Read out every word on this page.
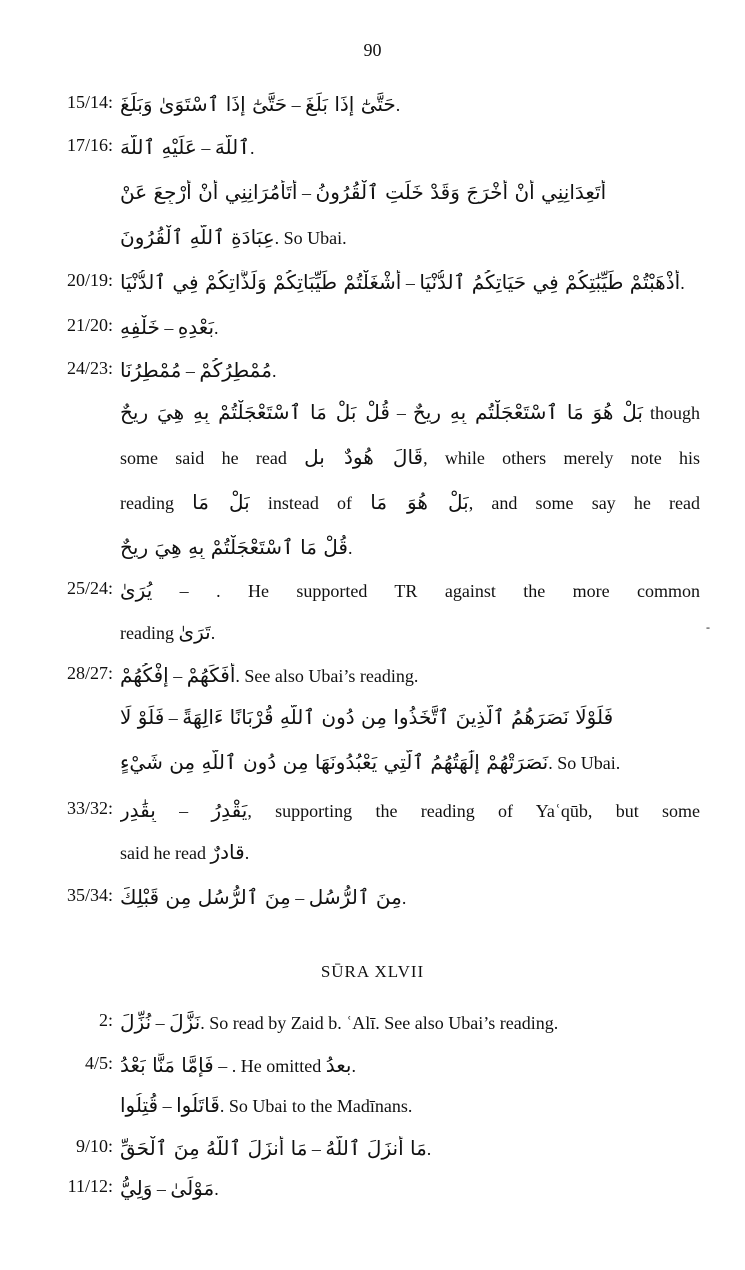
90
15/14 : حَتَّىٰٓ إِذَا ٱسْتَوَىٰ وَبَلَغَ – حَتَّىٰٓ إِذَا بَلَغَ.
17/16 : عَلَيْهِ ٱللَّهَ – ٱللَّهَ.
أَتَأْمُرَانِنِي أَنْ أَرْجِعَ عَنْ – أَتَعِدَانِنِي أَنْ أُخْرَجَ وَقَدْ خَلَتِ ٱلْقُرُونُ
عِبَادَةِ ٱللَّهِ ٱلْقُرُونَ. So Ubai.
20/19 : أَشْغَلْتُمْ طَيِّبَاتِكُمْ وَلَذَّاتِكُمْ فِي ٱلدُّنْيَا – أَذْهَبْتُمْ طَيِّبَٰتِكُمْ فِي حَيَاتِكُمُ ٱلدُّنْيَا.
21/20 : خَلْفِهِ – بَعْدِهِ.
24/23 : مُمْطِرُنَا – مُمْطِرُكُمْ.
قُلْ بَلْ مَا ٱسْتَعْجَلْتُمْ بِهِ هِيَ رِيحٌ – بَلْ هُوَ مَا ٱسْتَعْجَلْتُم بِهِ رِيحٌ though
some said he read قَالَ هُودٌ بل, while others merely note his
reading بَلْ مَا instead of بَلْ هُوَ مَا, and some say he read
قُلْ مَا ٱسْتَعْجَلْتُمْ بِهِ هِيَ رِيحٌ.
25/24 : يُرَىٰ – . He supported TR against the more common
reading تَرَىٰ.
28/27 : إِفْكُهُمْ – أَفَكَهُمْ. See also Ubai’s reading.
فَلَوْ لَا – فَلَوْلَا نَصَرَهُمُ ٱلَّذِينَ ٱتَّخَذُوا مِن دُونِ ٱللَّهِ قُرْبَانًا ءَالِهَةً
نَصَرَتْهُمْ إِلَٰهَتُهُمُ ٱلَّتِي يَعْبُدُونَهَا مِن دُونِ ٱللَّهِ مِن شَيْءٍ. So Ubai.
33/32 : بِقَٰدِرٍ – يَقْدِرُ, supporting the reading of Yaʿqūb, but some
said he read قادرٌ.
35/34 : مِنَ ٱلرُّسُلِ مِن قَبْلِكَ – مِنَ ٱلرُّسُلِ.
SŪRA XLVII
2 : نُزِّلَ – نَزَّلَ. So read by Zaid b. ʿAlī. See also Ubai’s reading.
4/5 : فَإِمَّا مَنًّا بَعْدُ – . He omitted بعدُ.
قُتِلُوا – قَاتَلُوا. So Ubai to the Madīnans.
9/10 : مَا أَنزَلَ ٱللَّهُ مِنَ ٱلْحَقِّ – مَا أَنزَلَ ٱللَّهُ.
11/12 : وَلِيُّ – مَوْلَىٰ.
-
